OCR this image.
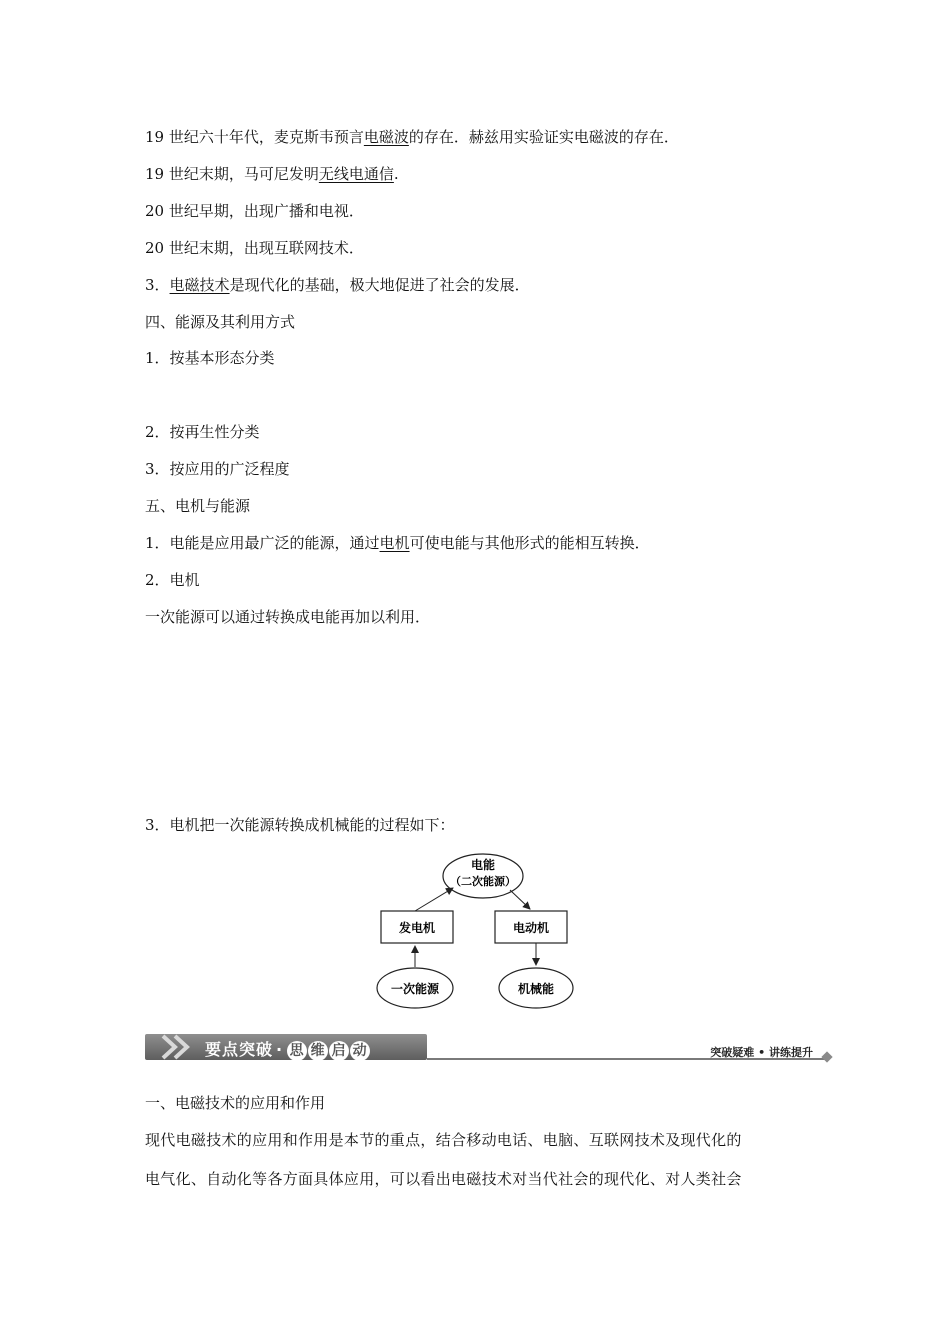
19 世纪六十年代，麦克斯韦预言电磁波的存在．赫兹用实验证实电磁波的存在．
19 世纪末期，马可尼发明无线电通信.
20 世纪早期，出现广播和电视．
20 世纪末期，出现互联网技术．
3．电磁技术是现代化的基础，极大地促进了社会的发展．
四、能源及其利用方式
1．按基本形态分类
2．按再生性分类
3．按应用的广泛程度
五、电机与能源
1．电能是应用最广泛的能源，通过电机可使电能与其他形式的能相互转换．
2．电机
一次能源可以通过转换成电能再加以利用．
3．电机把一次能源转换成机械能的过程如下：
电能
（二次能源）
发电机	电动机
一次能源	机械能
要点突破 · 思 维 启 动	突破疑难 • 讲练提升
一、电磁技术的应用和作用
现代电磁技术的应用和作用是本节的重点，结合移动电话、电脑、互联网技术及现代化的
电气化、自动化等各方面具体应用，可以看出电磁技术对当代社会的现代化、对人类社会
